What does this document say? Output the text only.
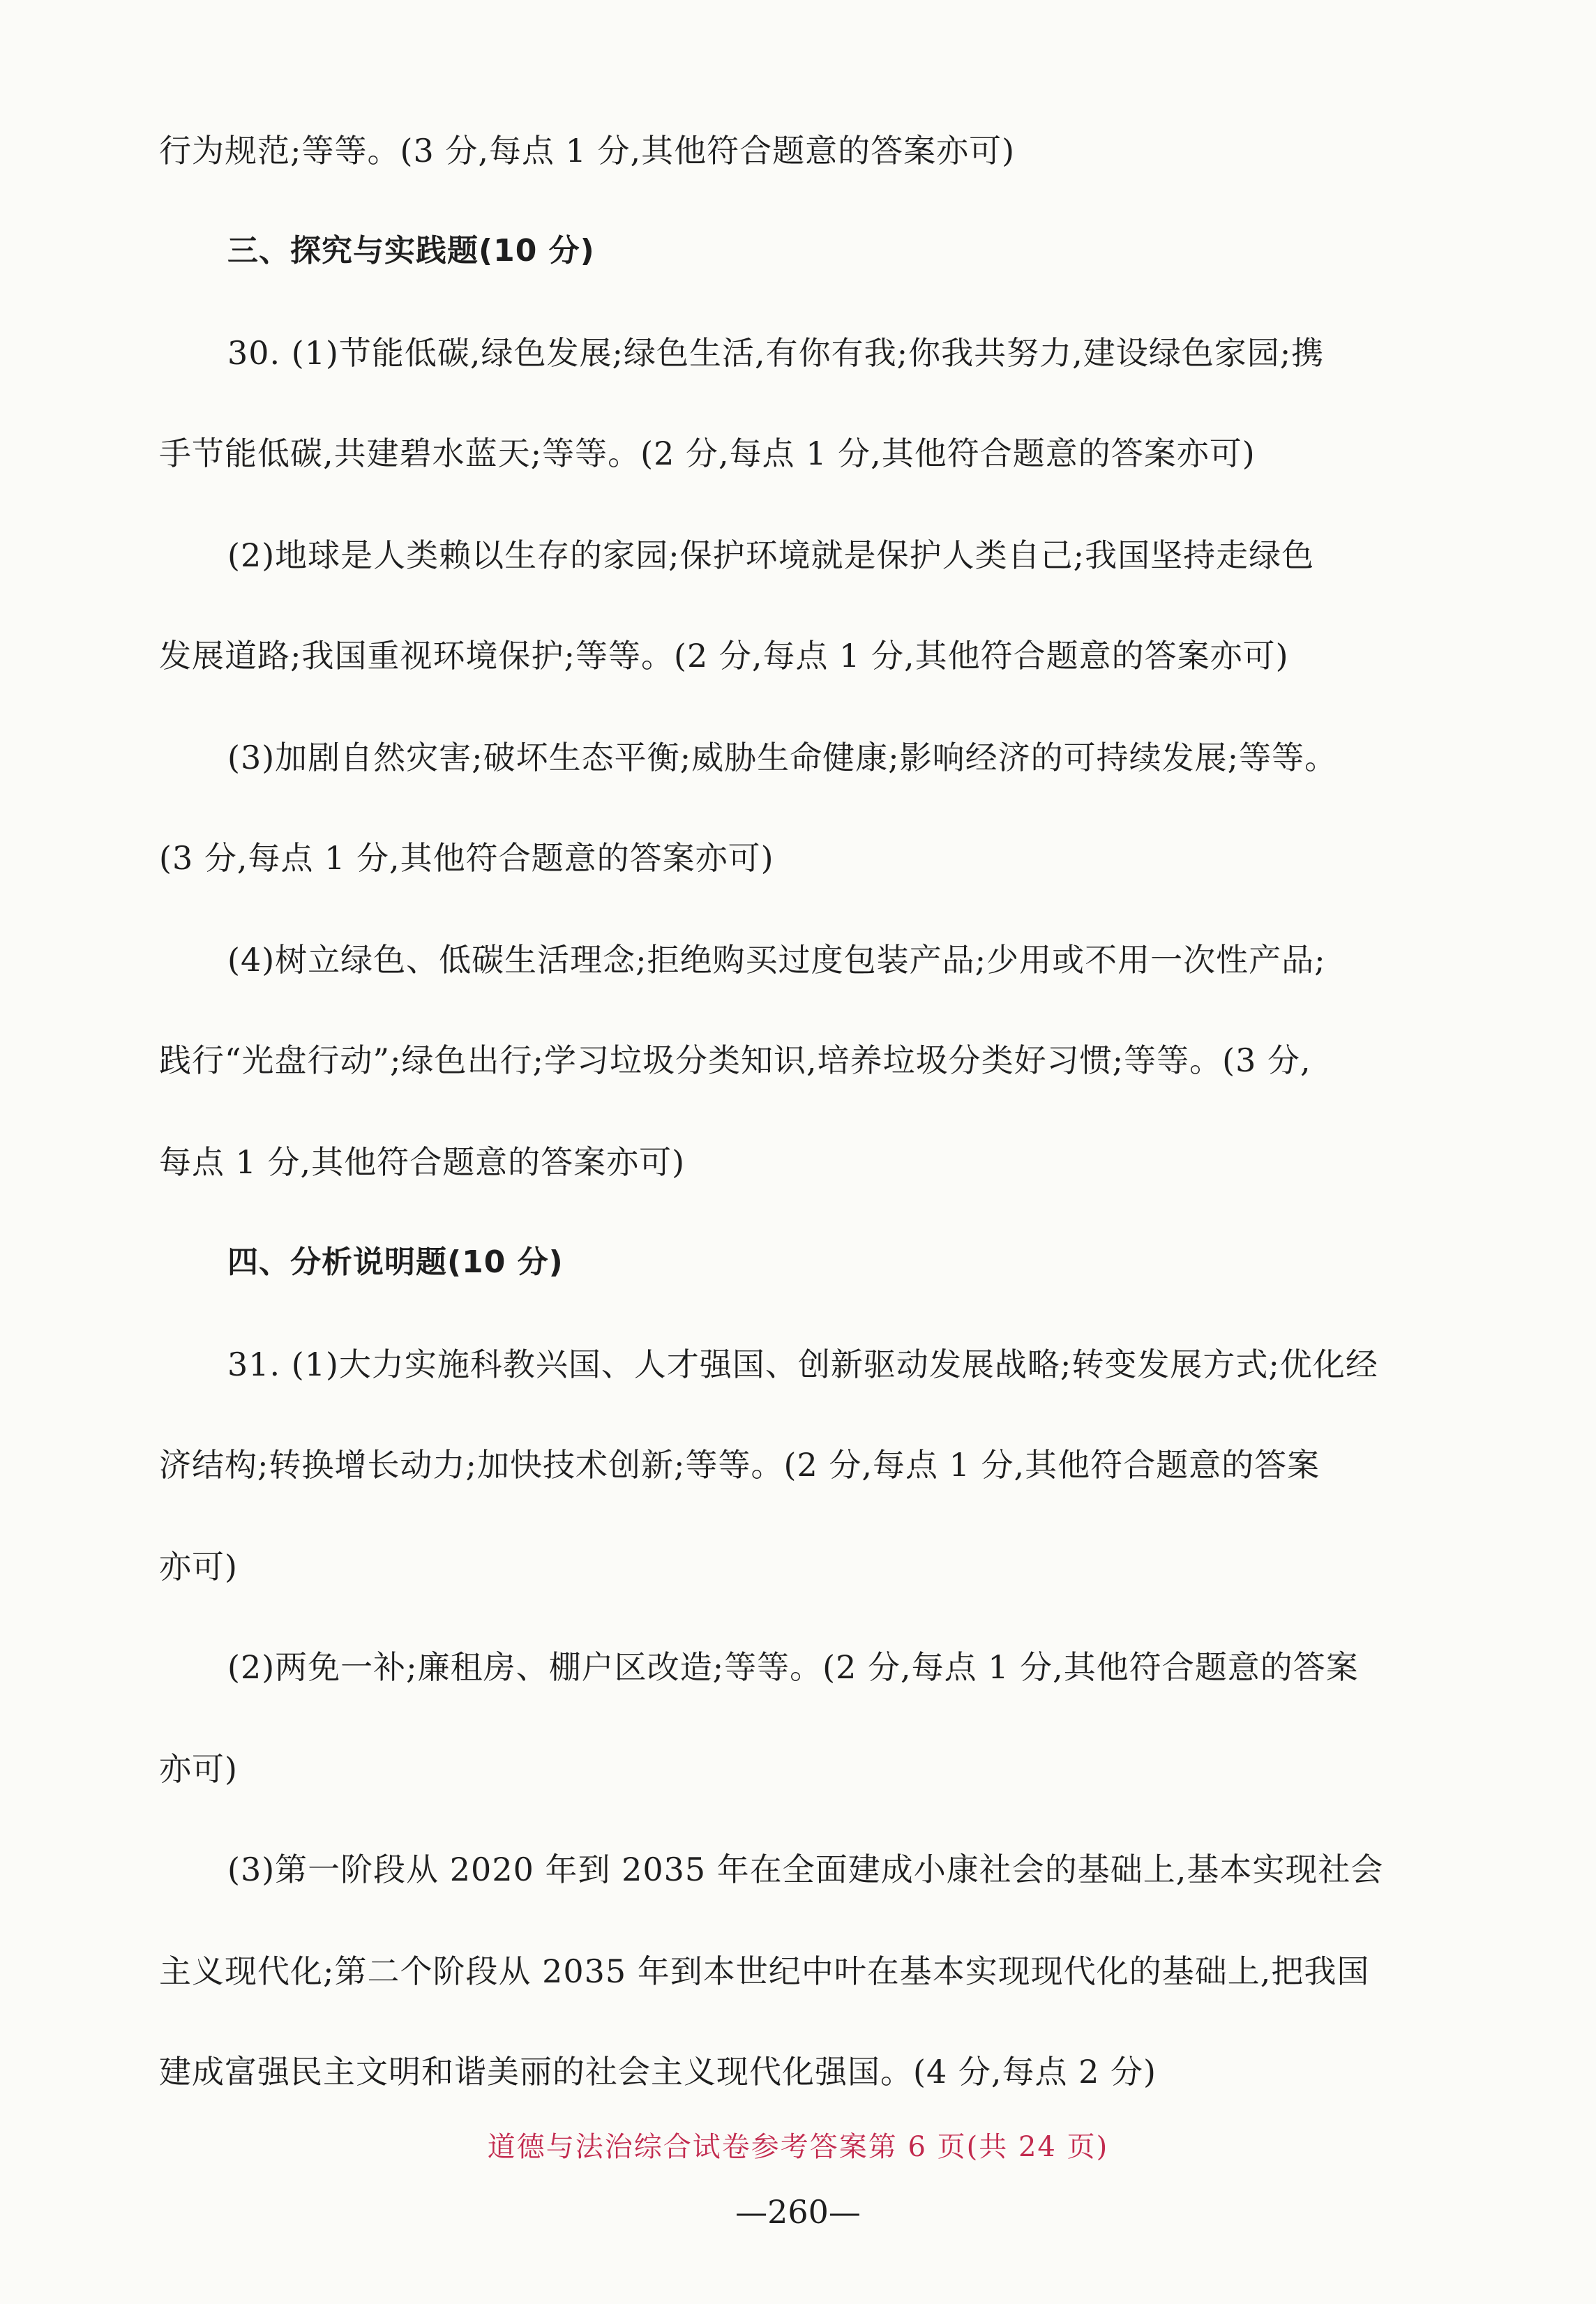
行为规范;等等。(3 分,每点 1 分,其他符合题意的答案亦可)
三、探究与实践题(10 分)
30. (1)节能低碳,绿色发展;绿色生活,有你有我;你我共努力,建设绿色家园;携
手节能低碳,共建碧水蓝天;等等。(2 分,每点 1 分,其他符合题意的答案亦可)
(2)地球是人类赖以生存的家园;保护环境就是保护人类自己;我国坚持走绿色
发展道路;我国重视环境保护;等等。(2 分,每点 1 分,其他符合题意的答案亦可)
(3)加剧自然灾害;破坏生态平衡;威胁生命健康;影响经济的可持续发展;等等。
(3 分,每点 1 分,其他符合题意的答案亦可)
(4)树立绿色、低碳生活理念;拒绝购买过度包装产品;少用或不用一次性产品;
践行“光盘行动”;绿色出行;学习垃圾分类知识,培养垃圾分类好习惯;等等。(3 分,
每点 1 分,其他符合题意的答案亦可)
四、分析说明题(10 分)
31. (1)大力实施科教兴国、人才强国、创新驱动发展战略;转变发展方式;优化经
济结构;转换增长动力;加快技术创新;等等。(2 分,每点 1 分,其他符合题意的答案
亦可)
(2)两免一补;廉租房、棚户区改造;等等。(2 分,每点 1 分,其他符合题意的答案
亦可)
(3)第一阶段从 2020 年到 2035 年在全面建成小康社会的基础上,基本实现社会
主义现代化;第二个阶段从 2035 年到本世纪中叶在基本实现现代化的基础上,把我国
建成富强民主文明和谐美丽的社会主义现代化强国。(4 分,每点 2 分)
道德与法治综合试卷参考答案第 6 页(共 24 页)
—260—
